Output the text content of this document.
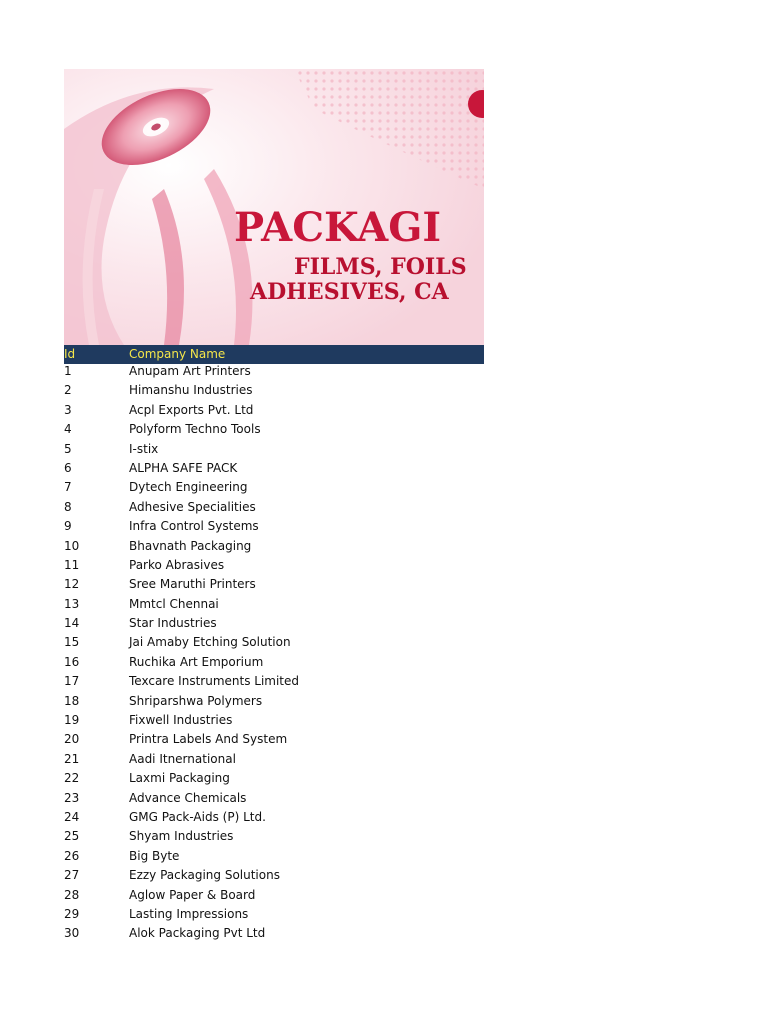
PACKAGI
FILMS, FOILS
ADHESIVES, CA
Id	Company Name
1	Anupam Art Printers
2	Himanshu Industries
3	Acpl Exports Pvt. Ltd
4	Polyform Techno Tools
5	I-stix
6	ALPHA SAFE PACK
7	Dytech Engineering
8	Adhesive Specialities
9	Infra Control Systems
10	Bhavnath Packaging
11	Parko Abrasives
12	Sree Maruthi Printers
13	Mmtcl Chennai
14	Star Industries
15	Jai Amaby Etching Solution
16	Ruchika Art Emporium
17	Texcare Instruments Limited
18	Shriparshwa Polymers
19	Fixwell Industries
20	Printra Labels And System
21	Aadi Itnernational
22	Laxmi Packaging
23	Advance Chemicals
24	GMG Pack-Aids (P) Ltd.
25	Shyam Industries
26	Big Byte
27	Ezzy Packaging Solutions
28	Aglow Paper & Board
29	Lasting Impressions
30	Alok Packaging Pvt Ltd
